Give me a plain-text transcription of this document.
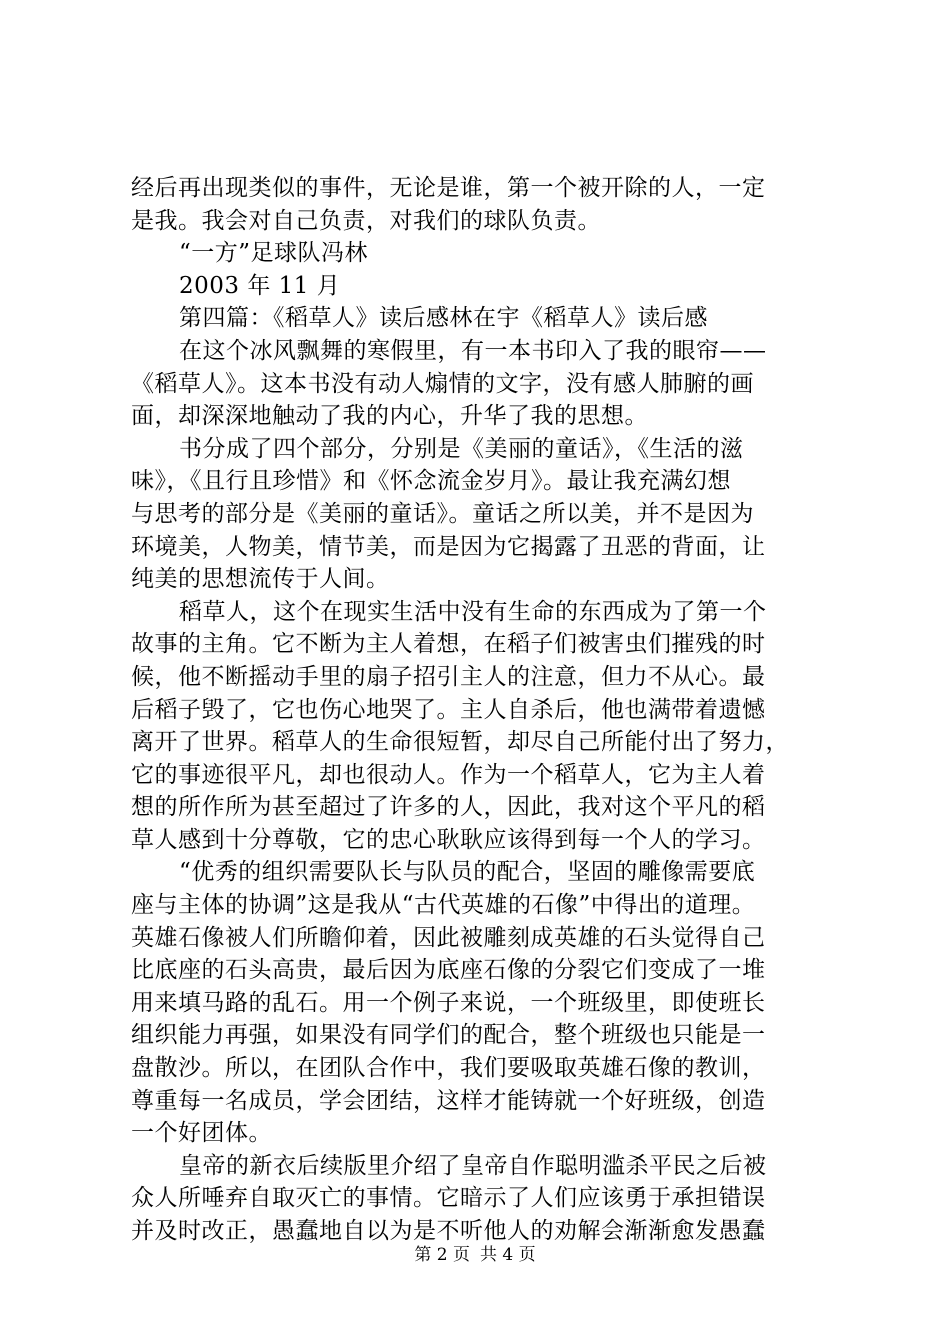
经后再出现类似的事件，无论是谁，第一个被开除的人，一定
是我。我会对自己负责，对我们的球队负责。
“一方”足球队冯林
2003 年 11 月
第四篇：《稻草人》读后感林在宇《稻草人》读后感
在这个冰风飘舞的寒假里，有一本书印入了我的眼帘——
《稻草人》。这本书没有动人煽情的文字，没有感人肺腑的画
面，却深深地触动了我的内心，升华了我的思想。
书分成了四个部分，分别是《美丽的童话》，《生活的滋
味》，《且行且珍惜》和《怀念流金岁月》。最让我充满幻想
与思考的部分是《美丽的童话》。童话之所以美，并不是因为
环境美，人物美，情节美，而是因为它揭露了丑恶的背面，让
纯美的思想流传于人间。
稻草人，这个在现实生活中没有生命的东西成为了第一个
故事的主角。它不断为主人着想，在稻子们被害虫们摧残的时
候，他不断摇动手里的扇子招引主人的注意，但力不从心。最
后稻子毁了，它也伤心地哭了。主人自杀后，他也满带着遗憾
离开了世界。稻草人的生命很短暂，却尽自己所能付出了努力，
它的事迹很平凡，却也很动人。作为一个稻草人，它为主人着
想的所作所为甚至超过了许多的人，因此，我对这个平凡的稻
草人感到十分尊敬，它的忠心耿耿应该得到每一个人的学习。
“优秀的组织需要队长与队员的配合，坚固的雕像需要底
座与主体的协调”这是我从“古代英雄的石像”中得出的道理。
英雄石像被人们所瞻仰着，因此被雕刻成英雄的石头觉得自己
比底座的石头高贵，最后因为底座石像的分裂它们变成了一堆
用来填马路的乱石。用一个例子来说，一个班级里，即使班长
组织能力再强，如果没有同学们的配合，整个班级也只能是一
盘散沙。所以，在团队合作中，我们要吸取英雄石像的教训，
尊重每一名成员，学会团结，这样才能铸就一个好班级，创造
一个好团体。
皇帝的新衣后续版里介绍了皇帝自作聪明滥杀平民之后被
众人所唾弃自取灭亡的事情。它暗示了人们应该勇于承担错误
并及时改正，愚蠢地自以为是不听他人的劝解会渐渐愈发愚蠢
第 2 页 共 4 页
